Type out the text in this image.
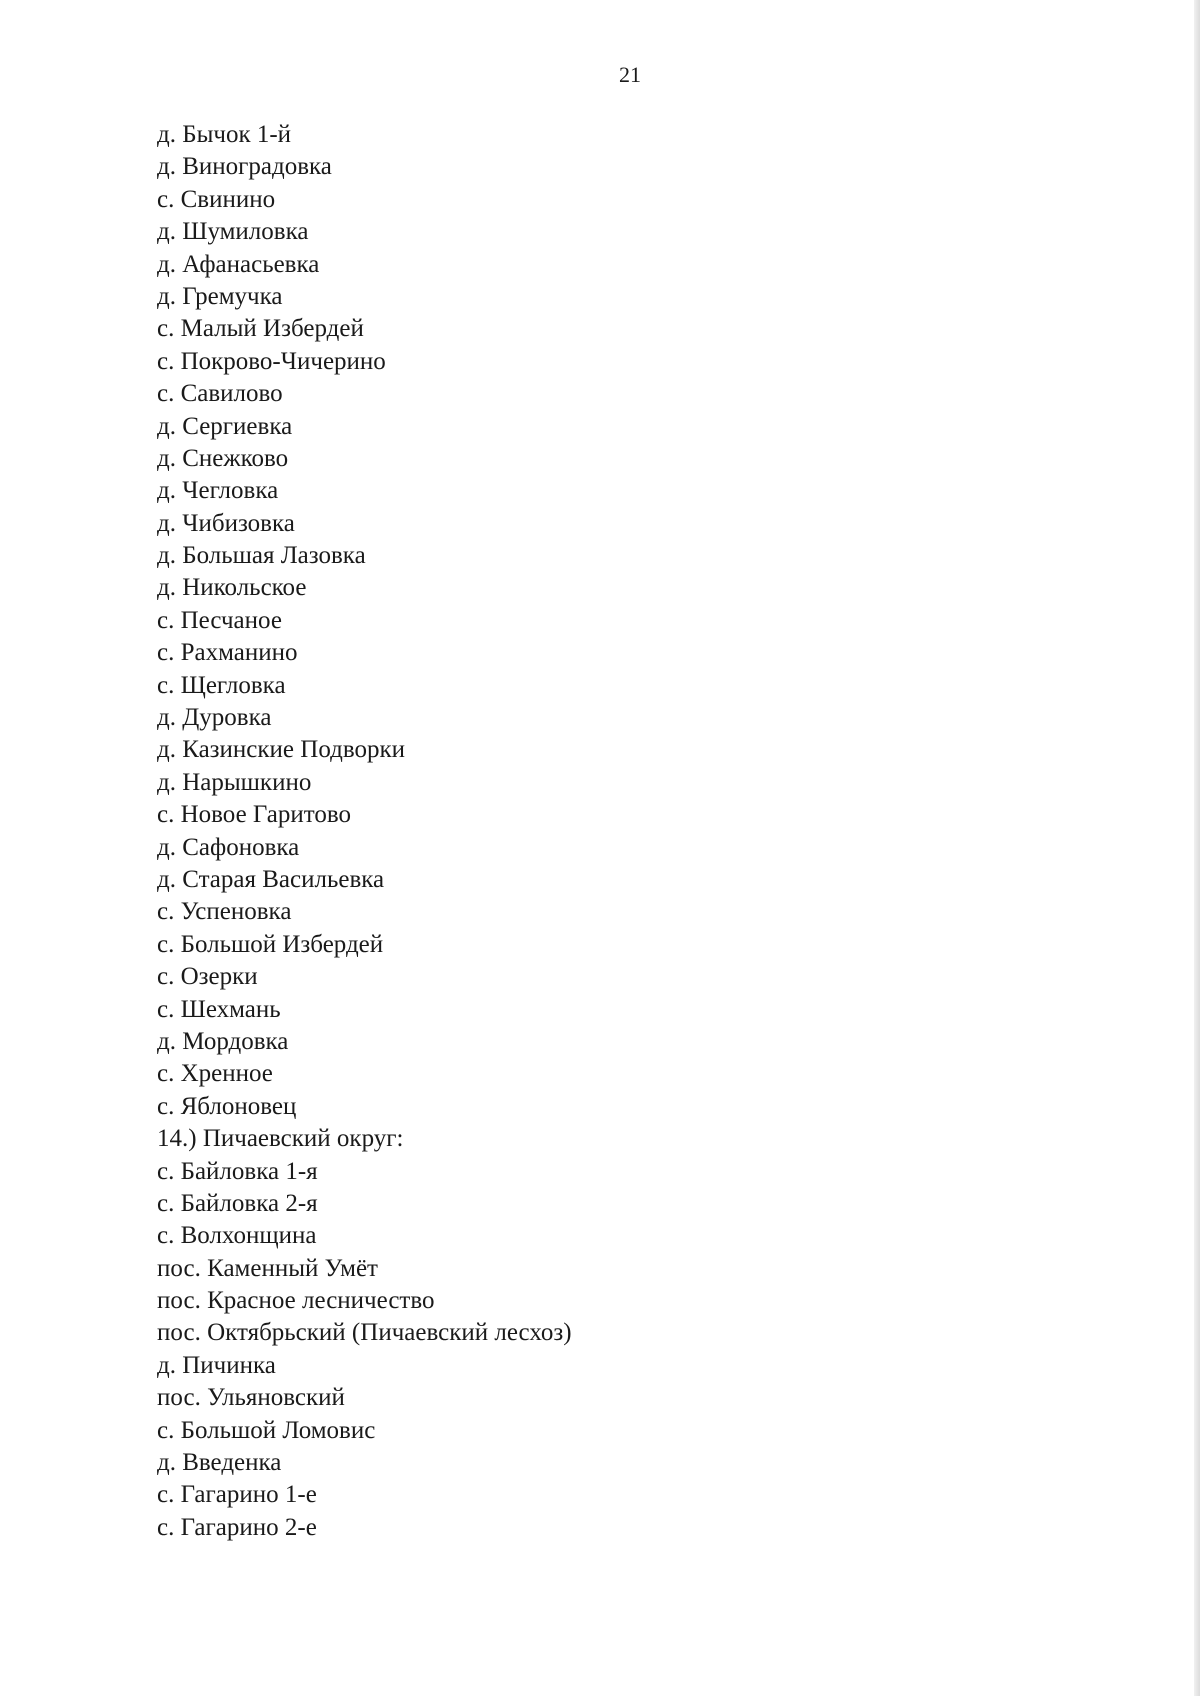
21
д. Бычок 1-й
д. Виноградовка
с. Свинино
д. Шумиловка
д. Афанасьевка
д. Гремучка
с. Малый Избердей
с. Покрово-Чичерино
с. Савилово
д. Сергиевка
д. Снежково
д. Чегловка
д. Чибизовка
д. Большая Лазовка
д. Никольское
с. Песчаное
с. Рахманино
с. Щегловка
д. Дуровка
д. Казинские Подворки
д. Нарышкино
с. Новое Гаритово
д. Сафоновка
д. Старая Васильевка
с. Успеновка
с. Большой Избердей
с. Озерки
с. Шехмань
д. Мордовка
с. Хренное
с. Яблоновец
14.) Пичаевский округ:
с. Байловка 1-я
с. Байловка 2-я
с. Волхонщина
пос. Каменный Умёт
пос. Красное лесничество
пос. Октябрьский (Пичаевский лесхоз)
д. Пичинка
пос. Ульяновский
с. Большой Ломовис
д. Введенка
с. Гагарино 1-е
с. Гагарино 2-е
